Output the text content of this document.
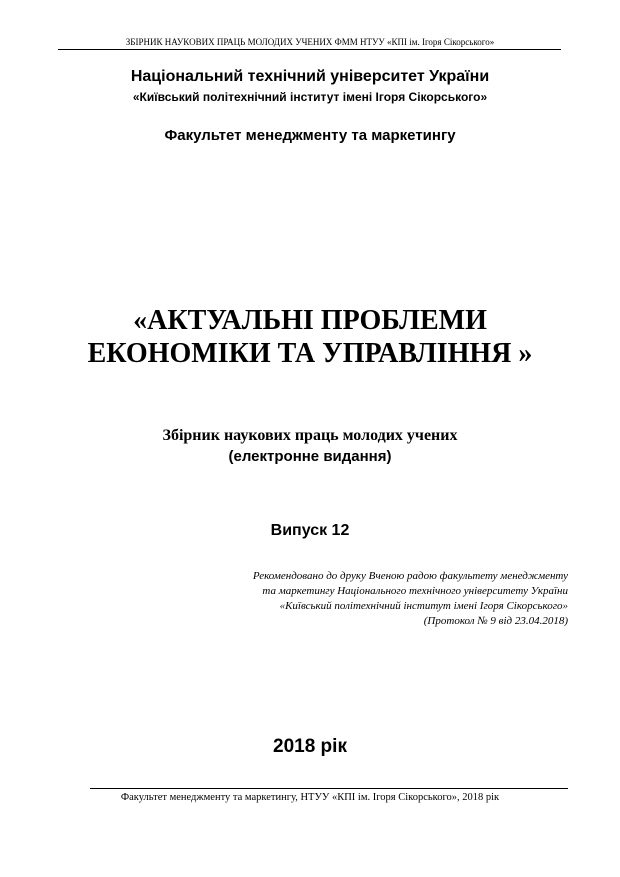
ЗБІРНИК НАУКОВИХ ПРАЦЬ МОЛОДИХ УЧЕНИХ ФММ НТУУ «КПІ ім. Ігоря Сікорського»
Національний технічний університет України
«Київський політехнічний інститут імені Ігоря Сікорського»
Факультет менеджменту та маркетингу
«АКТУАЛЬНІ ПРОБЛЕМИ
ЕКОНОМІКИ ТА УПРАВЛІННЯ »
Збірник наукових праць молодих учених
(електронне видання)
Випуск 12
Рекомендовано до друку Вченою радою факультету менеджменту
та маркетингу Національного технічного університету України
«Київський політехнічний інститут імені Ігоря Сікорського»
(Протокол № 9 від 23.04.2018)
2018 рік
Факультет менеджменту та маркетингу, НТУУ «КПІ ім. Ігоря Сікорського», 2018 рік
